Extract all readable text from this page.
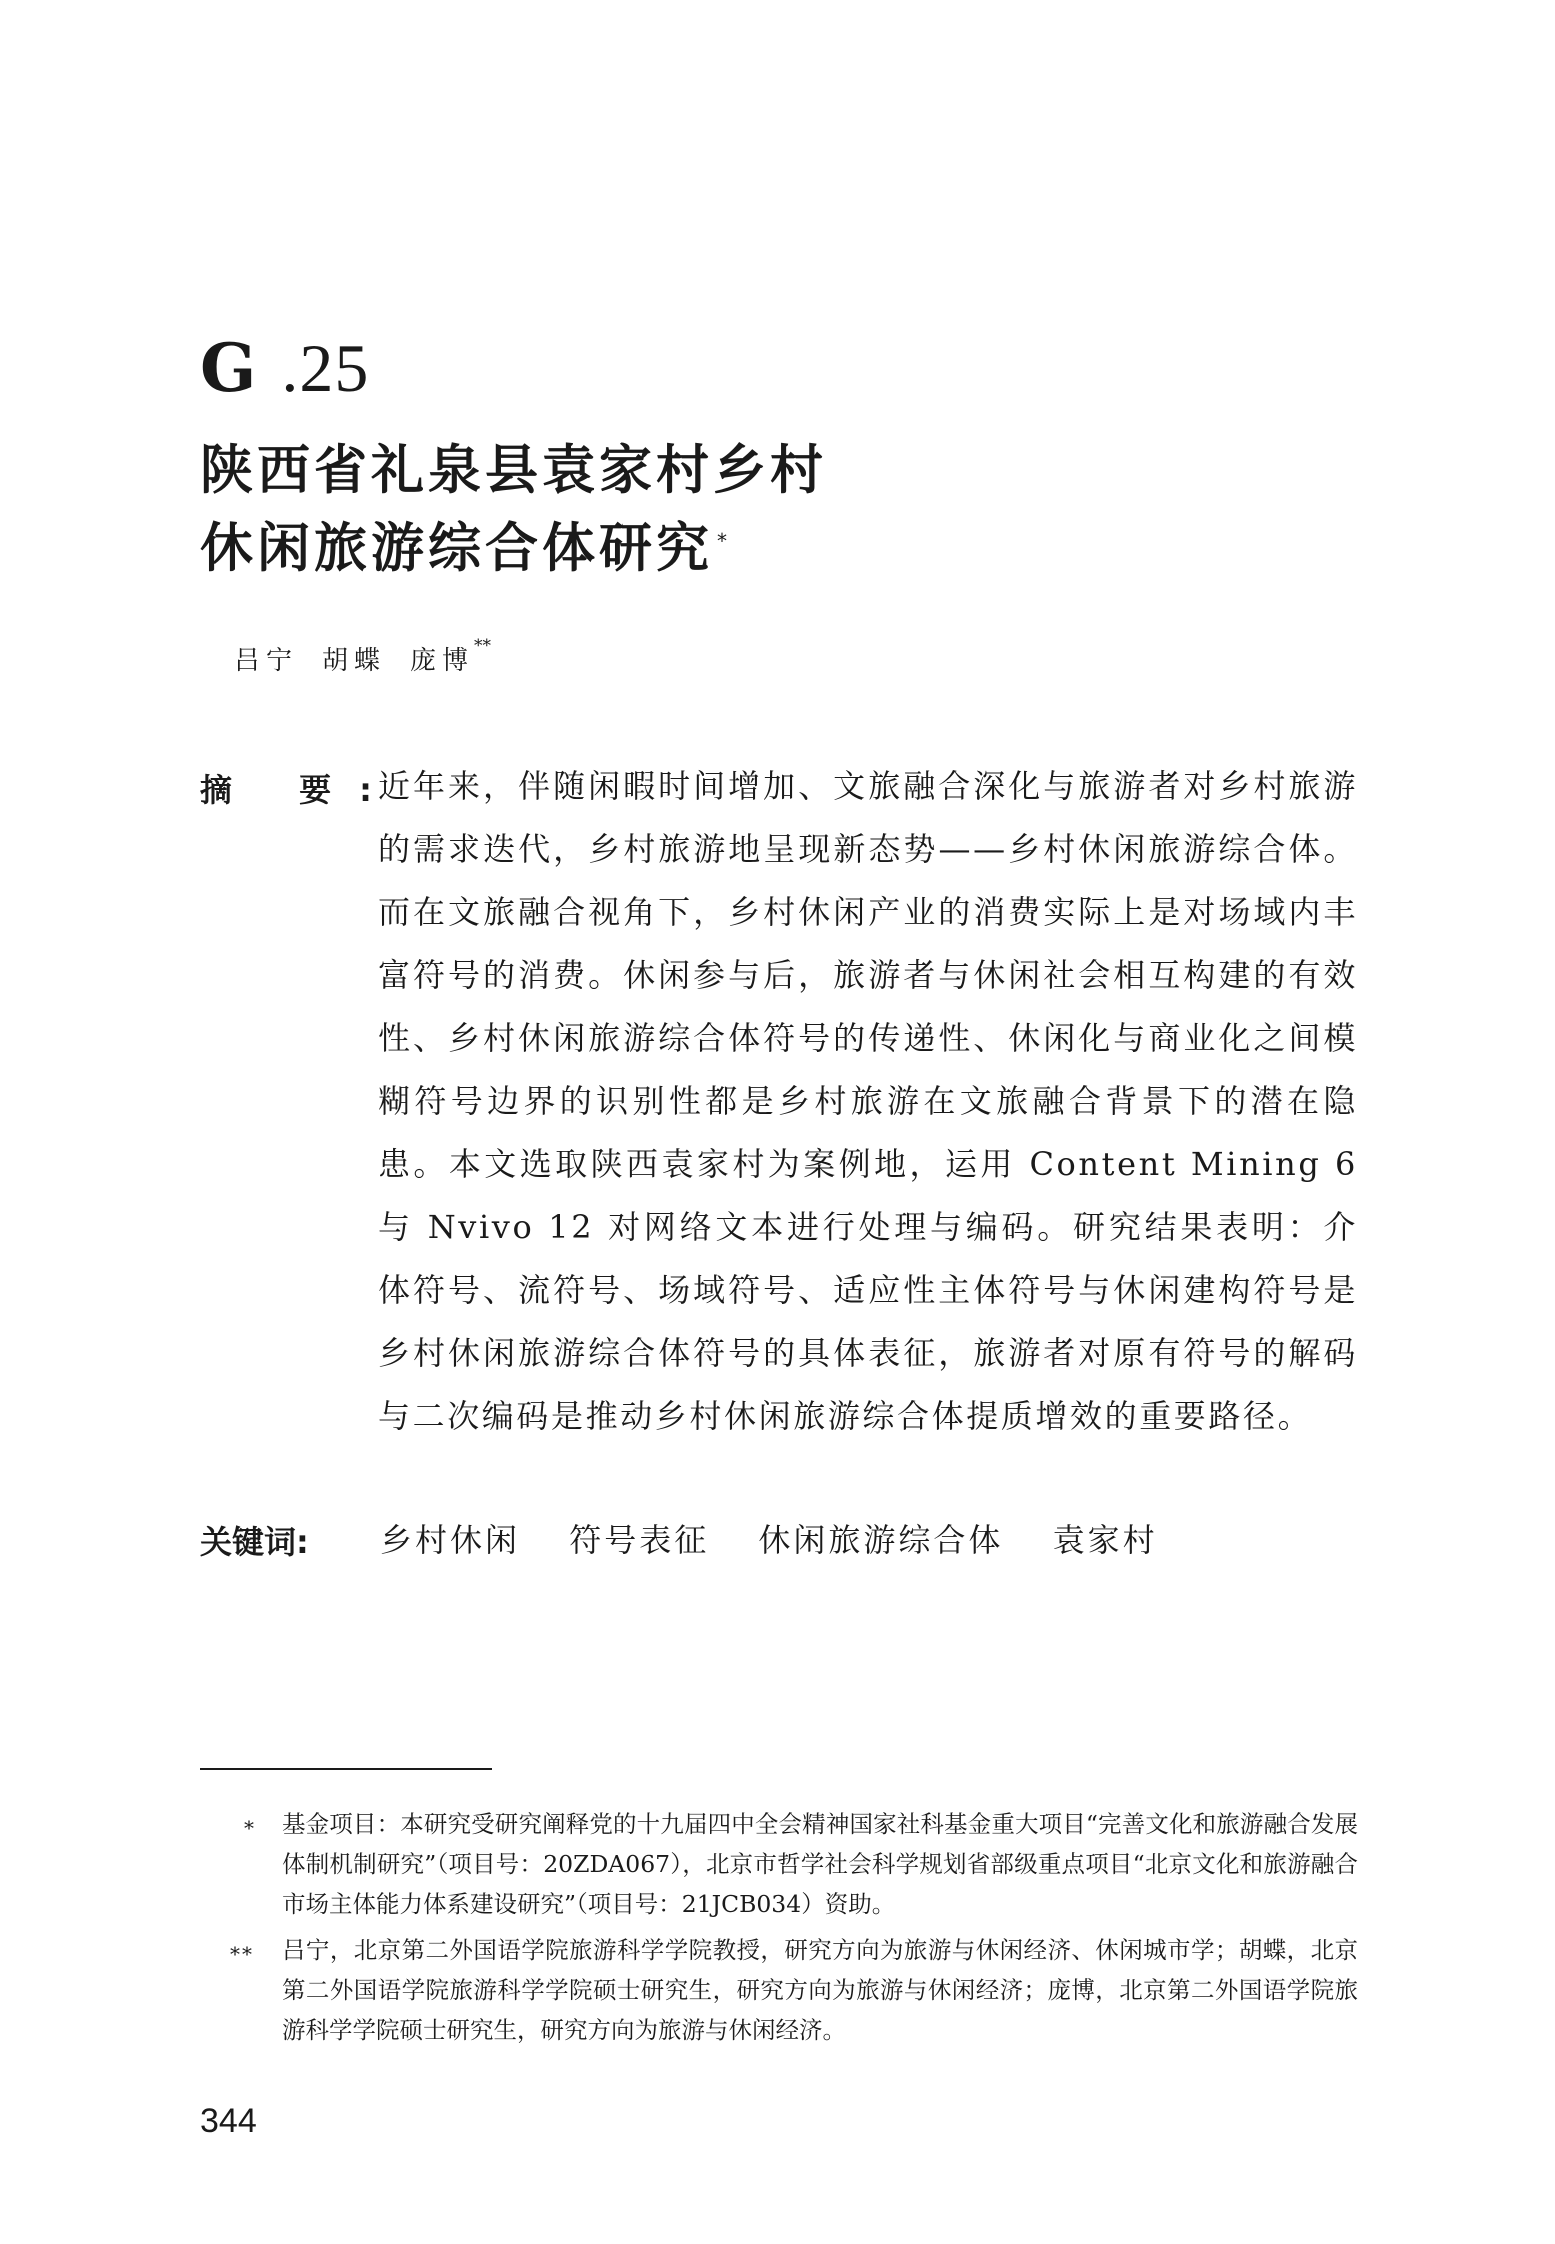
G .25
陕西省礼泉县袁家村乡村
休闲旅游综合体研究 *
吕宁 胡蝶 庞博**
摘 要:
近年来，伴随闲暇时间增加、文旅融合深化与旅游者对乡村旅游的需求迭代，乡村旅游地呈现新态势——乡村休闲旅游综合体。而在文旅融合视角下，乡村休闲产业的消费实际上是对场域内丰富符号的消费。休闲参与后，旅游者与休闲社会相互构建的有效性、乡村休闲旅游综合体符号的传递性、休闲化与商业化之间模糊符号边界的识别性都是乡村旅游在文旅融合背景下的潜在隐患。本文选取陕西袁家村为案例地，运用 Content Mining 6 与 Nvivo 12 对网络文本进行处理与编码。研究结果表明：介体符号、流符号、场域符号、适应性主体符号与休闲建构符号是乡村休闲旅游综合体符号的具体表征，旅游者对原有符号的解码与二次编码是推动乡村休闲旅游综合体提质增效的重要路径。
关键词: 乡村休闲 符号表征 休闲旅游综合体 袁家村
* 基金项目：本研究受研究阐释党的十九届四中全会精神国家社科基金重大项目“完善文化和旅游融合发展体制机制研究”（项目号：20ZDA067），北京市哲学社会科学规划省部级重点项目“北京文化和旅游融合市场主体能力体系建设研究”（项目号：21JCB034）资助。
** 吕宁，北京第二外国语学院旅游科学学院教授，研究方向为旅游与休闲经济、休闲城市学；胡蝶，北京第二外国语学院旅游科学学院硕士研究生，研究方向为旅游与休闲经济；庞博，北京第二外国语学院旅游科学学院硕士研究生，研究方向为旅游与休闲经济。
344
